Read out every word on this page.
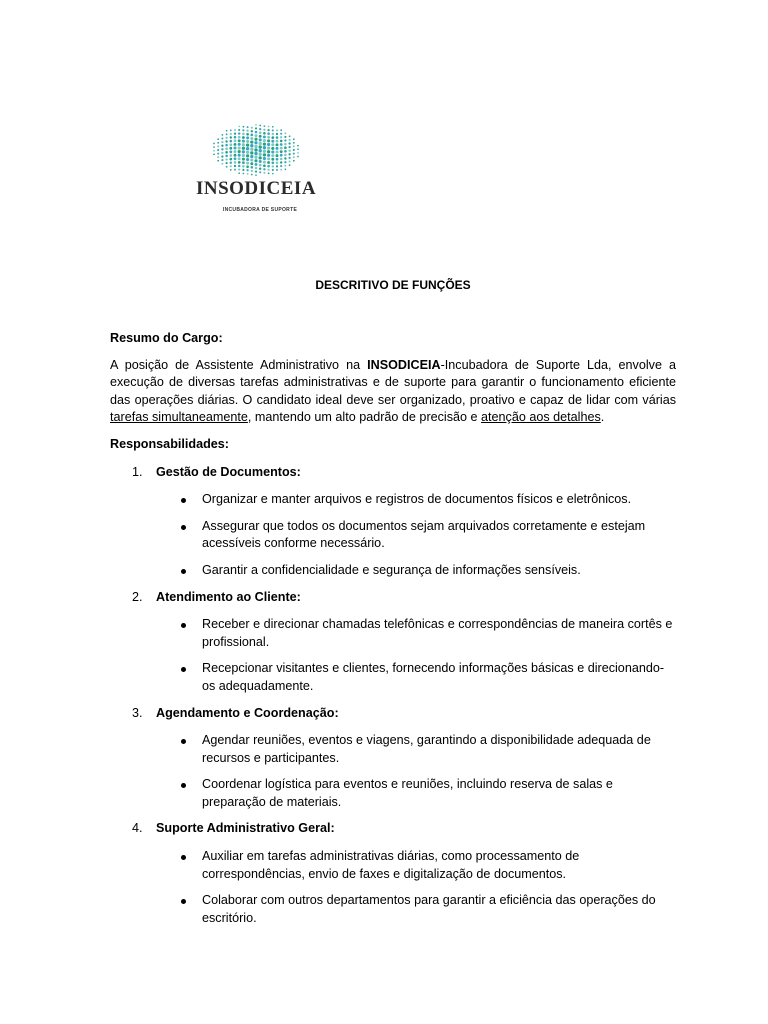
INSODICEIA
INCUBADORA DE SUPORTE
DESCRITIVO DE FUNÇÕES

Resumo do Cargo:

A posição de Assistente Administrativo na INSODICEIA-Incubadora de Suporte Lda, envolve a execução de diversas tarefas administrativas e de suporte para garantir o funcionamento eficiente das operações diárias. O candidato ideal deve ser organizado, proativo e capaz de lidar com várias tarefas simultaneamente, mantendo um alto padrão de precisão e atenção aos detalhes.

Responsabilidades:

1. Gestão de Documentos:

Organizar e manter arquivos e registros de documentos físicos e eletrônicos.
Assegurar que todos os documentos sejam arquivados corretamente e estejam acessíveis conforme necessário.
Garantir a confidencialidade e segurança de informações sensíveis.

2. Atendimento ao Cliente:

Receber e direcionar chamadas telefônicas e correspondências de maneira cortês e profissional.
Recepcionar visitantes e clientes, fornecendo informações básicas e direcionando-os adequadamente.

3. Agendamento e Coordenação:

Agendar reuniões, eventos e viagens, garantindo a disponibilidade adequada de recursos e participantes.
Coordenar logística para eventos e reuniões, incluindo reserva de salas e preparação de materiais.

4. Suporte Administrativo Geral:

Auxiliar em tarefas administrativas diárias, como processamento de correspondências, envio de faxes e digitalização de documentos.
Colaborar com outros departamentos para garantir a eficiência das operações do escritório.
